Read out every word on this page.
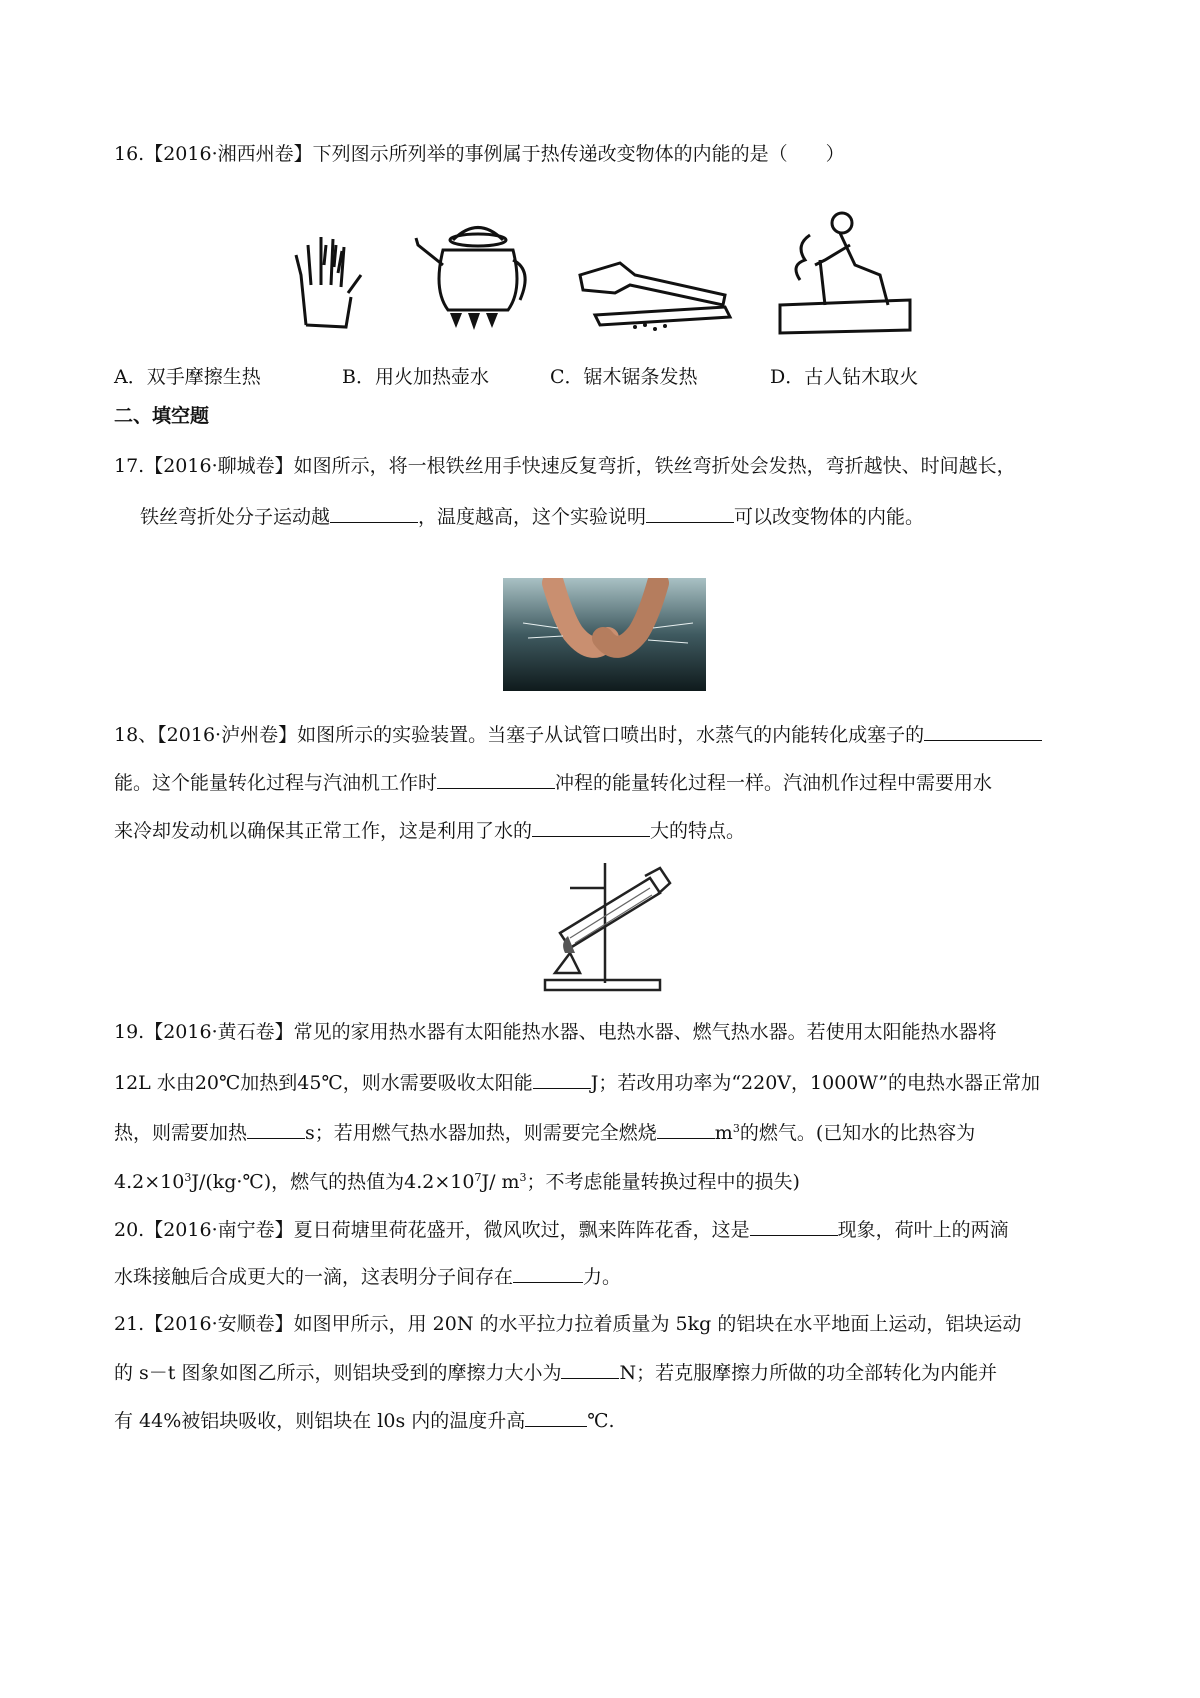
16.【2016·湘西州卷】下列图示所列举的事例属于热传递改变物体的内能的是（　　）
A．双手摩擦生热	B．用火加热壶水	C．锯木锯条发热	D．古人钻木取火
二、填空题
17.【2016·聊城卷】如图所示，将一根铁丝用手快速反复弯折，铁丝弯折处会发热，弯折越快、时间越长，
铁丝弯折处分子运动越	，温度越高，这个实验说明	可以改变物体的内能。
18、【2016·泸州卷】如图所示的实验装置。当塞子从试管口喷出时，水蒸气的内能转化成塞子的
能。这个能量转化过程与汽油机工作时	冲程的能量转化过程一样。汽油机作过程中需要用水
来冷却发动机以确保其正常工作，这是利用了水的	大的特点。
19.【2016·黄石卷】常见的家用热水器有太阳能热水器、电热水器、燃气热水器。若使用太阳能热水器将
12L 水由20℃加热到45℃，则水需要吸收太阳能	J；若改用功率为“220V，1000W”的电热水器正常加
热，则需要加热	s；若用燃气热水器加热，则需要完全燃烧	$m^3$的燃气。(已知水的比热容为
$4.2\times 10^3J/(kg\cdot℃)$，燃气的热值为$4.2\times 10^7J/$ $m^3$；不考虑能量转换过程中的损失)
20.【2016·南宁卷】夏日荷塘里荷花盛开，微风吹过，飘来阵阵花香，这是	现象，荷叶上的两滴
水珠接触后合成更大的一滴，这表明分子间存在	力。
21.【2016·安顺卷】如图甲所示，用 20N 的水平拉力拉着质量为 5kg 的铝块在水平地面上运动，铝块运动
的 s－t 图象如图乙所示，则铝块受到的摩擦力大小为	N；若克服摩擦力所做的功全部转化为内能并
有 44%被铝块吸收，则铝块在 l0s 内的温度升高	℃.
